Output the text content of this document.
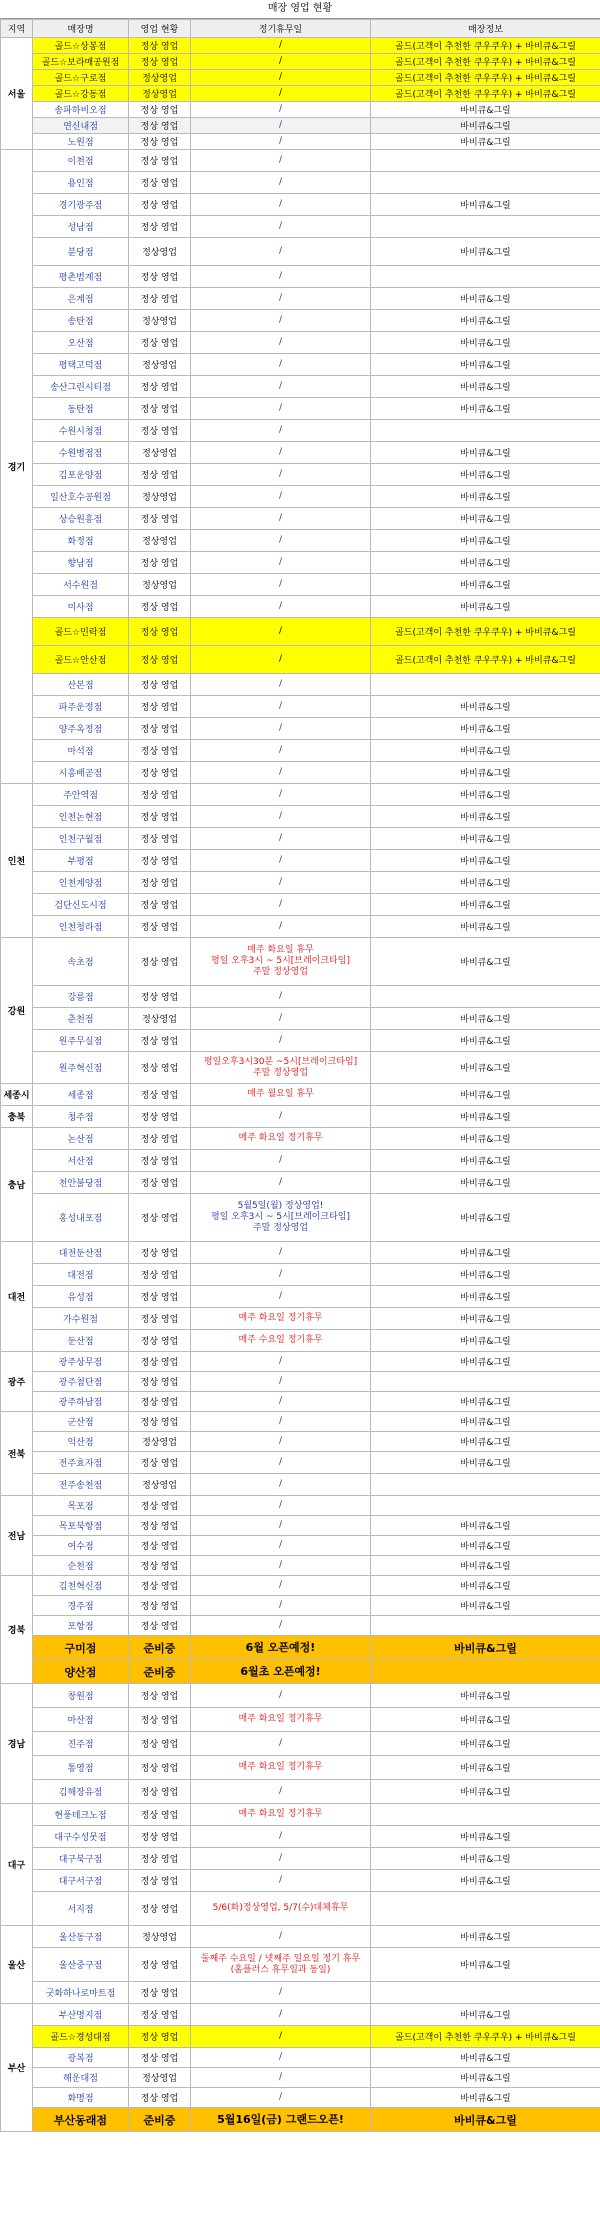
매장 영업 현황
지역	매장명	영업 현황	정기휴무일	매장정보
서울	골드☆상봉점	정상 영업	/	골드(고객이 추천한 쿠우쿠우) + 바비큐&그릴
	골드☆보라매공원점	정상 영업	/	골드(고객이 추천한 쿠우쿠우) + 바비큐&그릴
	골드☆구로점	정상영업	/	골드(고객이 추천한 쿠우쿠우) + 바비큐&그릴
	골드☆강동점	정상영업	/	골드(고객이 추천한 쿠우쿠우) + 바비큐&그릴
	송파하비오점	정상 영업	/	바비큐&그릴
	연신내점	정상 영업	/	바비큐&그릴
	노원점	정상 영업	/	바비큐&그릴
경기	이천점	정상 영업	/	
	용인점	정상 영업	/	
	경기광주점	정상 영업	/	바비큐&그릴
	성남점	정상 영업	/	
	분당점	정상영업	/	바비큐&그릴
	평촌범계점	정상 영업	/	
	은계점	정상 영업	/	바비큐&그릴
	송탄점	정상영업	/	바비큐&그릴
	오산점	정상 영업	/	바비큐&그릴
	평택고덕점	정상영업	/	바비큐&그릴
	송산그린시티점	정상 영업	/	바비큐&그릴
	동탄점	정상 영업	/	바비큐&그릴
	수원시청점	정상 영업	/	
	수원병점점	정상영업	/	바비큐&그릴
	김포운양점	정상 영업	/	바비큐&그릴
	일산호수공원점	정상영업	/	바비큐&그릴
	상승원흥점	정상 영업	/	바비큐&그릴
	화정점	정상영업	/	바비큐&그릴
	향남점	정상 영업	/	바비큐&그릴
	서수원점	정상영업	/	바비큐&그릴
	미사점	정상 영업	/	바비큐&그릴
	골드☆민락점	정상 영업	/	골드(고객이 추천한 쿠우쿠우) + 바비큐&그릴
	골드☆안산점	정상 영업	/	골드(고객이 추천한 쿠우쿠우) + 바비큐&그릴
	산본점	정상 영업	/	
	파주운정점	정상 영업	/	바비큐&그릴
	양주옥정점	정상 영업	/	바비큐&그릴
	마석점	정상 영업	/	바비큐&그릴
	시흥배곧점	정상 영업	/	바비큐&그릴
인천	주안역점	정상 영업	/	바비큐&그릴
	인천논현점	정상 영업	/	바비큐&그릴
	인천구월점	정상 영업	/	바비큐&그릴
	부평점	정상 영업	/	바비큐&그릴
	인천계양점	정상 영업	/	바비큐&그릴
	검단신도시점	정상 영업	/	바비큐&그릴
	인천청라점	정상 영업	/	바비큐&그릴
강원	속초점	정상 영업	매주 화요일 휴무
평일 오후3시 ~ 5시[브레이크타임]
주말 정상영업	바비큐&그릴
	강릉점	정상 영업	/	
	춘천점	정상영업	/	바비큐&그릴
	원주무실점	정상 영업	/	바비큐&그릴
	원주혁신점	정상 영업	평일오후3시30분 ~5시[브레이크타임]
주말 정상영업	바비큐&그릴
세종시	세종점	정상 영업	매주 월요일 휴무	바비큐&그릴
충북	청주점	정상 영업	/	바비큐&그릴
충남	논산점	정상 영업	매주 화요일 정기휴무	바비큐&그릴
	서산점	정상 영업	/	바비큐&그릴
	천안불당점	정상 영업	/	바비큐&그릴
	홍성내포점	정상 영업	5월5일(월) 정상영업!
평일 오후3시 ~ 5시[브레이크타임]
주말 정상영업	바비큐&그릴
대전	대전둔산점	정상 영업	/	바비큐&그릴
	대전점	정상 영업	/	바비큐&그릴
	유성점	정상 영업	/	바비큐&그릴
	가수원점	정상 영업	매주 화요일 정기휴무	바비큐&그릴
	둔산점	정상 영업	매주 수요일 정기휴무	바비큐&그릴
광주	광주상무점	정상 영업	/	바비큐&그릴
	광주첨단점	정상 영업	/	
	광주하남점	정상 영업	/	바비큐&그릴
전북	군산점	정상 영업	/	바비큐&그릴
	익산점	정상영업	/	바비큐&그릴
	전주효자점	정상 영업	/	바비큐&그릴
	전주송천점	정상영업	/	
전남	목포점	정상 영업	/	
	목포북항점	정상 영업	/	바비큐&그릴
	여수점	정상 영업	/	바비큐&그릴
	순천점	정상 영업	/	바비큐&그릴
경북	김천혁신점	정상 영업	/	바비큐&그릴
	경주점	정상 영업	/	바비큐&그릴
	포항점	정상 영업	/	
	구미점	준비중	6월 오픈예정!	바비큐&그릴
	양산점	준비중	6월초 오픈예정!	
경남	창원점	정상 영업	/	바비큐&그릴
	마산점	정상 영업	매주 화요일 정기휴무	바비큐&그릴
	진주점	정상 영업	/	바비큐&그릴
	통영점	정상 영업	매주 화요일 정기휴무	바비큐&그릴
	김해장유점	정상 영업	/	바비큐&그릴
대구	현풍테크노점	정상 영업	매주 화요일 정기휴무	
	대구수성못점	정상 영업	/	바비큐&그릴
	대구북구점	정상 영업	/	바비큐&그릴
	대구서구점	정상 영업	/	바비큐&그릴
	서지점	정상 영업	5/6(화)정상영업, 5/7(수)대체휴무	
울산	울산동구점	정상영업	/	바비큐&그릴
	울산중구점	정상 영업	둘째주 수요일 / 넷째주 일요일 정기 휴무
(홈플러스 휴무일과 동일)	바비큐&그릴
	굿화하나로마트점	정상 영업	/	
부산	부산명지점	정상 영업	/	바비큐&그릴
	골드☆경성대점	정상 영업	/	골드(고객이 추천한 쿠우쿠우) + 바비큐&그릴
	광복점	정상 영업	/	바비큐&그릴
	해운대점	정상영업	/	바비큐&그릴
	화명점	정상 영업	/	바비큐&그릴
	부산동래점	준비중	5월16일(금) 그랜드오픈!	바비큐&그릴
